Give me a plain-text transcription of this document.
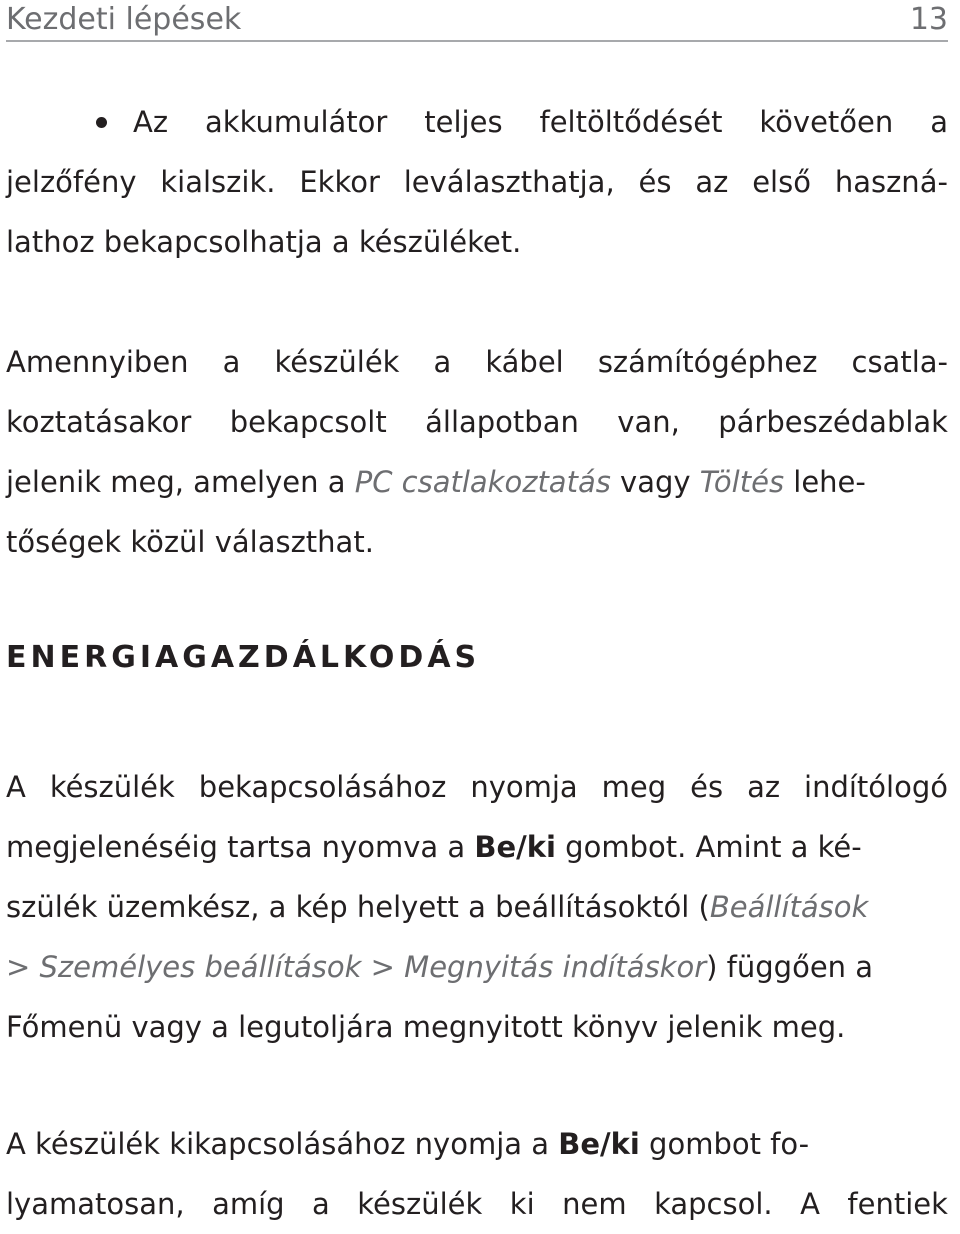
Kezdeti lépések	13
Az akkumulátor teljes feltöltődését követően a
jelzőfény kialszik. Ekkor leválaszthatja, és az első haszná-
lathoz bekapcsolhatja a készüléket.
Amennyiben a készülék a kábel számítógéphez csatla-
koztatásakor bekapcsolt állapotban van, párbeszédablak
jelenik meg, amelyen a PC csatlakoztatás vagy Töltés lehe-
tőségek közül választhat.
ENERGIAGAZDÁLKODÁS
A készülék bekapcsolásához nyomja meg és az indítólogó
megjelenéséig tartsa nyomva a Be/ki gombot. Amint a ké-
szülék üzemkész, a kép helyett a beállításoktól (Beállítások
> Személyes beállítások > Megnyitás indításkor) függően a
Főmenü vagy a legutoljára megnyitott könyv jelenik meg.
A készülék kikapcsolásához nyomja a Be/ki gombot fo-
lyamatosan, amíg a készülék ki nem kapcsol. A fentiek
